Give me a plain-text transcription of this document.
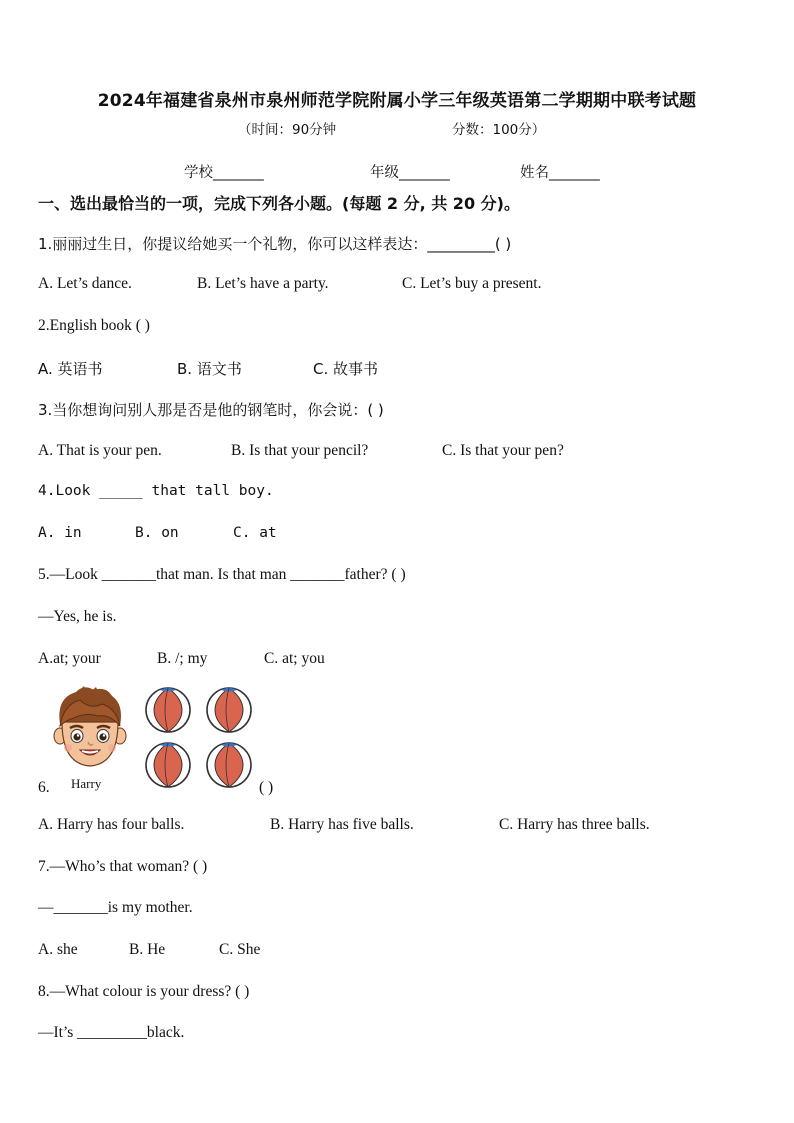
2024年福建省泉州市泉州师范学院附属小学三年级英语第二学期期中联考试题
（时间：90分钟	分数：100分）
学校_______	年级_______	姓名_______
一、选出最恰当的一项，完成下列各小题。(每题 2 分, 共 20 分)。
1.丽丽过生日，你提议给她买一个礼物，你可以这样表达：_________( )
A. Let’s dance.	B. Let’s have a party.	C. Let’s buy a present.
2.English book ( )
A. 英语书	B. 语文书	C. 故事书
3.当你想询问别人那是否是他的钢笔时，你会说：( )
A. That is your pen.	B. Is that your pencil?	C. Is that your pen?
4.Look _____ that tall boy.
A. in	B. on	C. at
5.—Look _______that man. Is that man _______father? ( )
—Yes, he is.
A.at; your	B. /; my	C. at; you
Harry
6.	( )
A. Harry has four balls.	B. Harry has five balls.	C. Harry has three balls.
7.—Who’s that woman? ( )
—_______is my mother.
A. she	B. He	C. She
8.—What colour is your dress? ( )
—It’s _________black.
